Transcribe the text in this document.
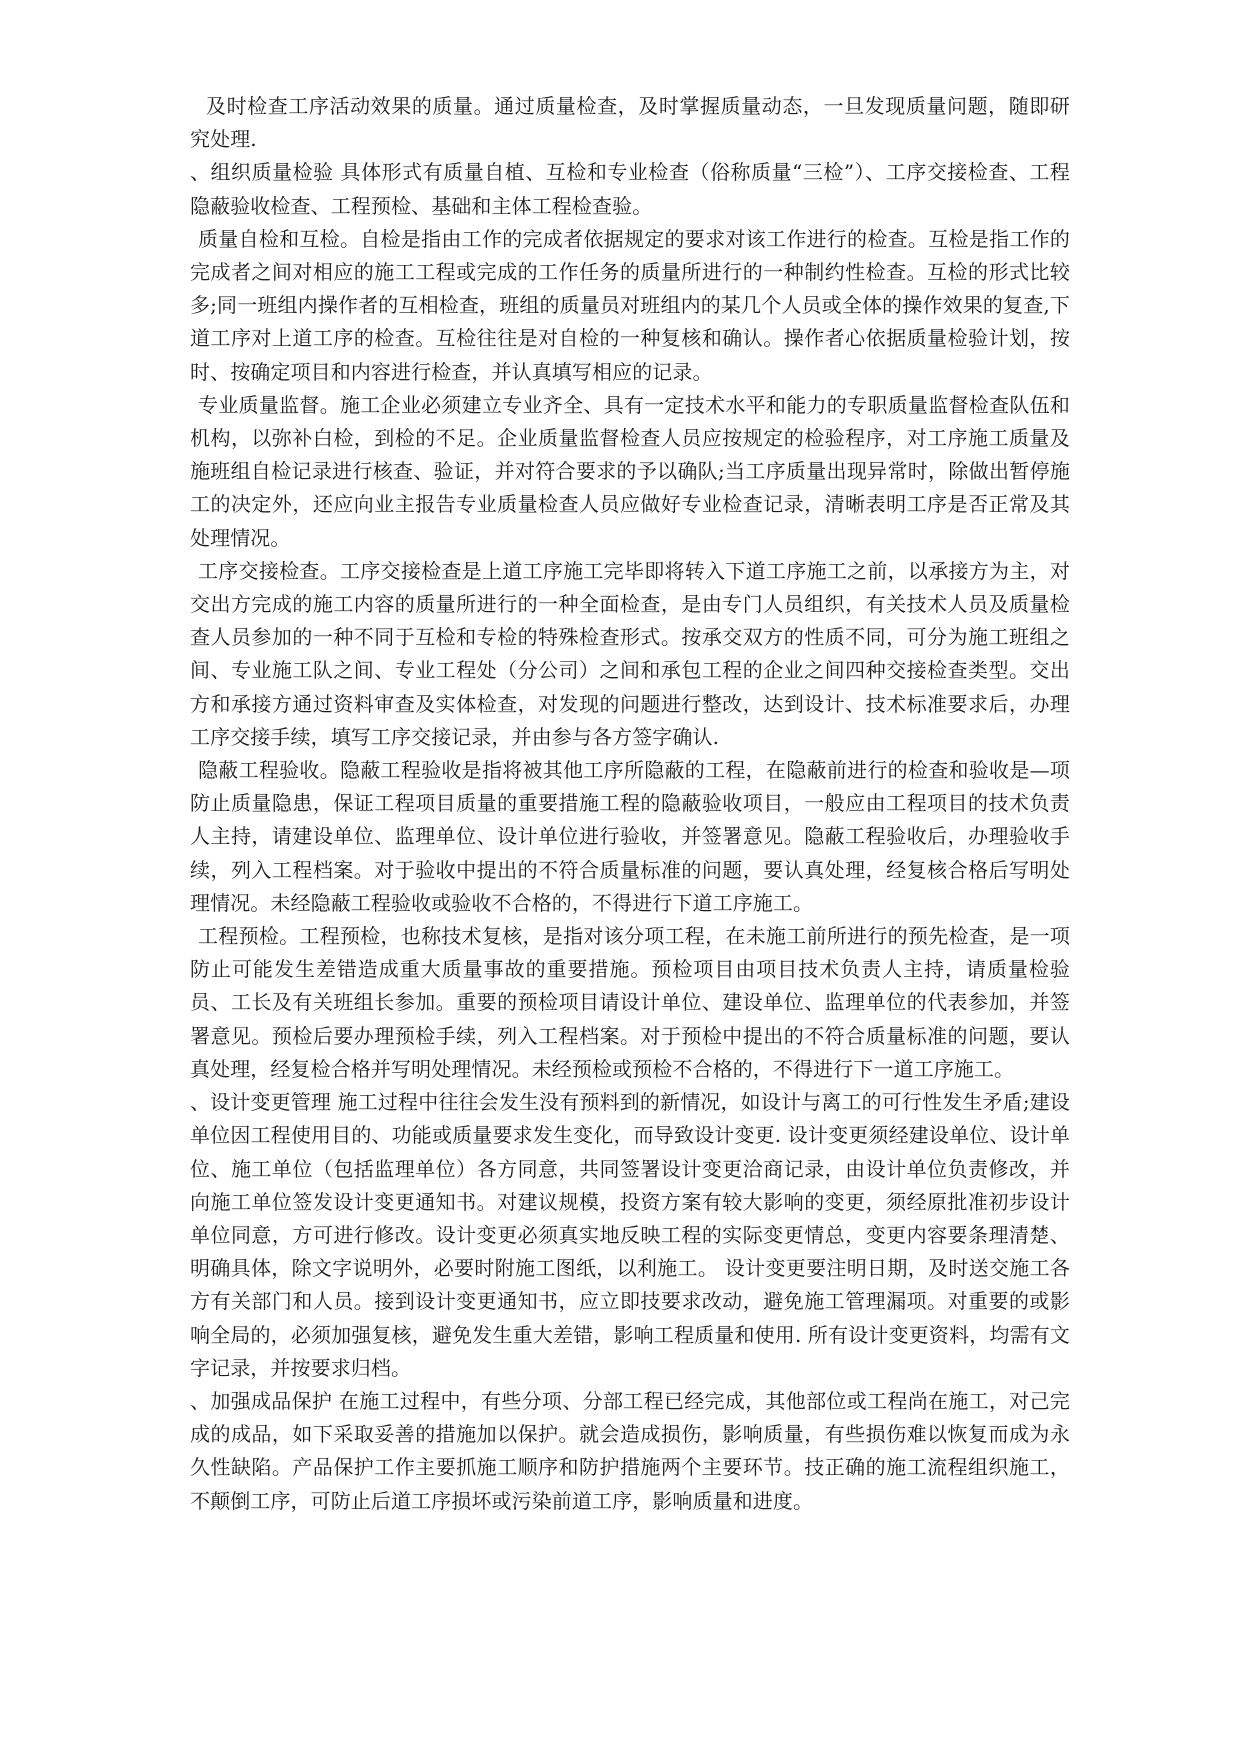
及时检查工序活动效果的质量。通过质量检查，及时掌握质量动态，一旦发现质量问题，随即研究处理.

、组织质量检验 具体形式有质量自植、互检和专业检查（俗称质量“三检”）、工序交接检查、工程隐蔽验收检查、工程预检、基础和主体工程检查验。

质量自检和互检。自检是指由工作的完成者依据规定的要求对该工作进行的检查。互检是指工作的完成者之间对相应的施工工程或完成的工作任务的质量所进行的一种制约性检查。互检的形式比较多;同一班组内操作者的互相检查，班组的质量员对班组内的某几个人员或全体的操作效果的复查,下道工序对上道工序的检查。互检往往是对自检的一种复核和确认。操作者心依据质量检验计划，按时、按确定项目和内容进行检查，并认真填写相应的记录。

专业质量监督。施工企业必须建立专业齐全、具有一定技术水平和能力的专职质量监督检查队伍和机构，以弥补白检，到检的不足。企业质量监督检查人员应按规定的检验程序，对工序施工质量及施班组自检记录进行核查、验证，并对符合要求的予以确队;当工序质量出现异常时，除做出暂停施工的决定外，还应向业主报告专业质量检查人员应做好专业检查记录，清晰表明工序是否正常及其处理情况。

工序交接检查。工序交接检查是上道工序施工完毕即将转入下道工序施工之前，以承接方为主，对交出方完成的施工内容的质量所进行的一种全面检查，是由专门人员组织，有关技术人员及质量检查人员参加的一种不同于互检和专检的特殊检查形式。按承交双方的性质不同，可分为施工班组之间、专业施工队之间、专业工程处（分公司）之间和承包工程的企业之间四种交接检查类型。交出方和承接方通过资料审查及实体检查，对发现的问题进行整改，达到设计、技术标准要求后，办理工序交接手续，填写工序交接记录，并由参与各方签字确认.

隐蔽工程验收。隐蔽工程验收是指将被其他工序所隐蔽的工程，在隐蔽前进行的检查和验收是—项防止质量隐患，保证工程项目质量的重要措施工程的隐蔽验收项目，一般应由工程项目的技术负责人主持，请建设单位、监理单位、设计单位进行验收，并签署意见。隐蔽工程验收后，办理验收手续，列入工程档案。对于验收中提出的不符合质量标准的问题，要认真处理，经复核合格后写明处理情况。未经隐蔽工程验收或验收不合格的，不得进行下道工序施工。

工程预检。工程预检，也称技术复核，是指对该分项工程，在未施工前所进行的预先检查，是一项防止可能发生差错造成重大质量事故的重要措施。预检项目由项目技术负责人主持，请质量检验员、工长及有关班组长参加。重要的预检项目请设计单位、建设单位、监理单位的代表参加，并签署意见。预检后要办理预检手续，列入工程档案。对于预检中提出的不符合质量标准的问题，要认真处理，经复检合格并写明处理情况。未经预检或预检不合格的，不得进行下一道工序施工。

、设计变更管理 施工过程中往往会发生没有预料到的新情况，如设计与离工的可行性发生矛盾;建设单位因工程使用目的、功能或质量要求发生变化，而导致设计变更. 设计变更须经建设单位、设计单位、施工单位（包括监理单位）各方同意，共同签署设计变更洽商记录，由设计单位负责修改，并向施工单位签发设计变更通知书。对建议规模，投资方案有较大影响的变更，须经原批准初步设计单位同意，方可进行修改。设计变更必须真实地反映工程的实际变更情总，变更内容要条理清楚、明确具体，除文字说明外，必要时附施工图纸，以利施工。 设计变更要注明日期，及时送交施工各方有关部门和人员。接到设计变更通知书，应立即技要求改动，避免施工管理漏项。对重要的或影响全局的，必须加强复核，避免发生重大差错，影响工程质量和使用. 所有设计变更资料，均需有文字记录，并按要求归档。

、加强成品保护 在施工过程中，有些分项、分部工程已经完成，其他部位或工程尚在施工，对己完成的成品，如下采取妥善的措施加以保护。就会造成损伤，影响质量，有些损伤难以恢复而成为永久性缺陷。产品保护工作主要抓施工顺序和防护措施两个主要环节。技正确的施工流程组织施工，不颠倒工序，可防止后道工序损坏或污染前道工序，影响质量和进度。
